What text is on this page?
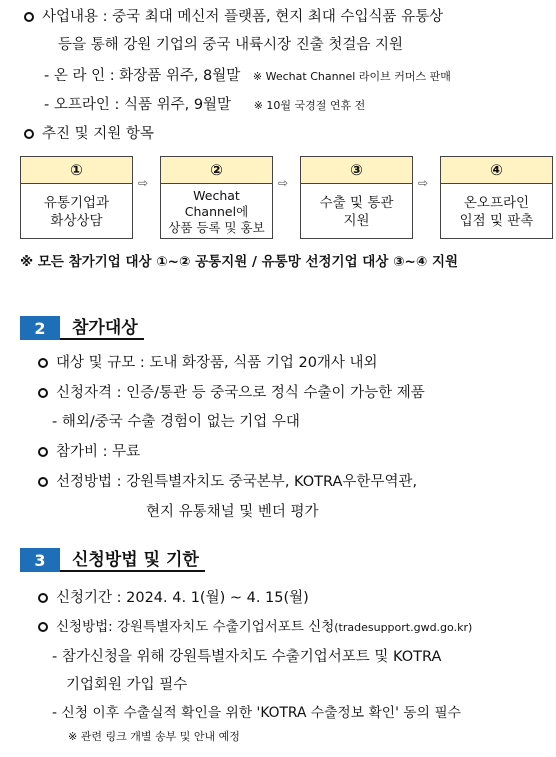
사업내용 : 중국 최대 메신저 플랫폼, 현지 최대 수입식품 유통상
등을 통해 강원 기업의 중국 내륙시장 진출 첫걸음 지원
- 온 라 인 : 화장품 위주, 8월말 ※ Wechat Channel 라이브 커머스 판매
- 오프라인 : 식품 위주, 9월말 ※ 10월 국경절 연휴 전
추진 및 지원 항목
①
유통기업과
화상상담
⇨
②
Wechat
Channel에
상품 등록 및 홍보
⇨
③
수출 및 통관
지원
⇨
④
온오프라인
입점 및 판촉
※ 모든 참가기업 대상 ①~② 공통지원 / 유통망 선정기업 대상 ③~④ 지원
2	참가대상
대상 및 규모 : 도내 화장품, 식품 기업 20개사 내외
신청자격 : 인증/통관 등 중국으로 정식 수출이 가능한 제품
- 해외/중국 수출 경험이 없는 기업 우대
참가비 : 무료
선정방법 : 강원특별자치도 중국본부, KOTRA우한무역관,
현지 유통채널 및 벤더 평가
3	신청방법 및 기한
신청기간 : 2024. 4. 1(월) ~ 4. 15(월)
신청방법: 강원특별자치도 수출기업서포트 신청(tradesupport.gwd.go.kr)
- 참가신청을 위해 강원특별자치도 수출기업서포트 및 KOTRA
기업회원 가입 필수
- 신청 이후 수출실적 확인을 위한 'KOTRA 수출정보 확인' 동의 필수
※ 관련 링크 개별 송부 및 안내 예정
